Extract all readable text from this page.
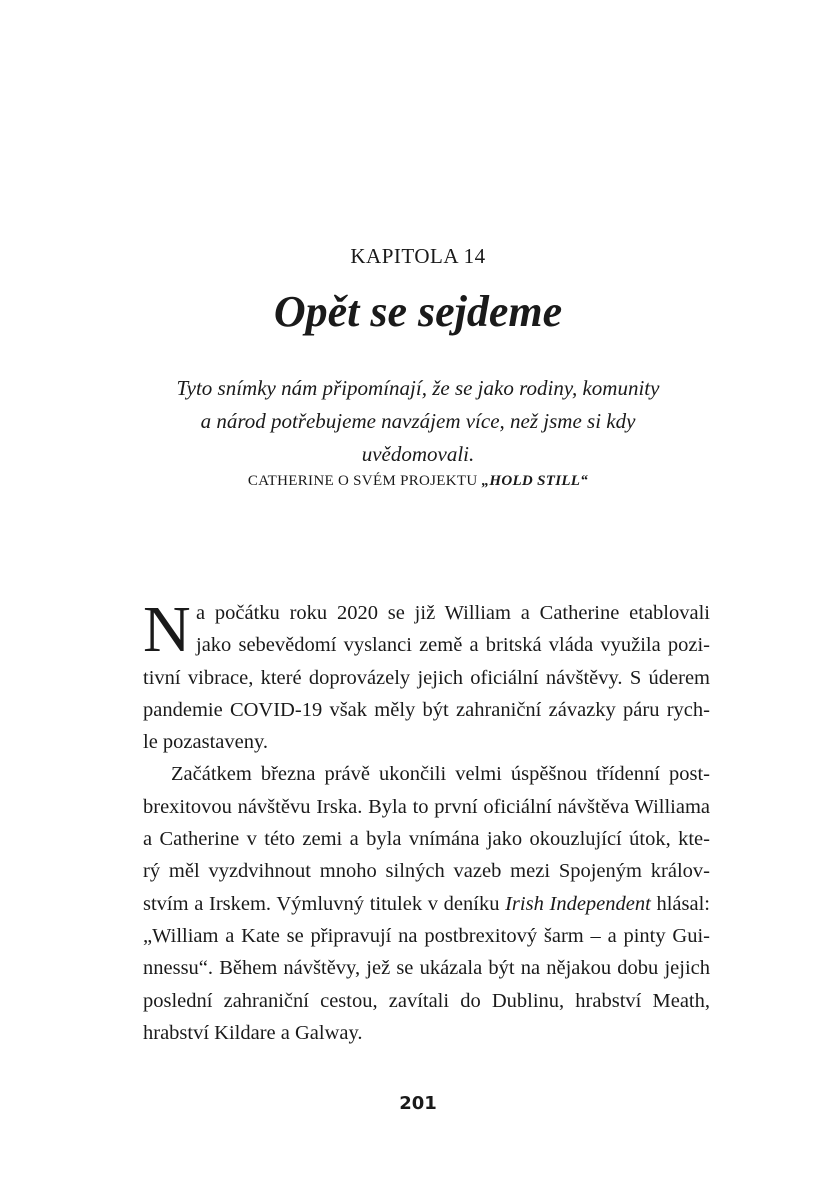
KAPITOLA 14
Opět se sejdeme
Tyto snímky nám připomínají, že se jako rodiny, komunity
a národ potřebujeme navzájem více, než jsme si kdy
uvědomovali.
CATHERINE O SVÉM PROJEKTU „HOLD STILL“
N a počátku roku 2020 se již William a Catherine etablovali
jako sebevědomí vyslanci země a britská vláda využila pozi-
tivní vibrace, které doprovázely jejich oficiální návštěvy. S úderem
pandemie COVID-19 však měly být zahraniční závazky páru rych-
le pozastaveny.
Začátkem března právě ukončili velmi úspěšnou třídenní post-
brexitovou návštěvu Irska. Byla to první oficiální návštěva Williama
a Catherine v této zemi a byla vnímána jako okouzlující útok, kte-
rý měl vyzdvihnout mnoho silných vazeb mezi Spojeným králov-
stvím a Irskem. Výmluvný titulek v deníku Irish Independent hlásal:
„William a Kate se připravují na postbrexitový šarm – a pinty Gui-
nnessu“. Během návštěvy, jež se ukázala být na nějakou dobu jejich
poslední zahraniční cestou, zavítali do Dublinu, hrabství Meath,
hrabství Kildare a Galway.
201
